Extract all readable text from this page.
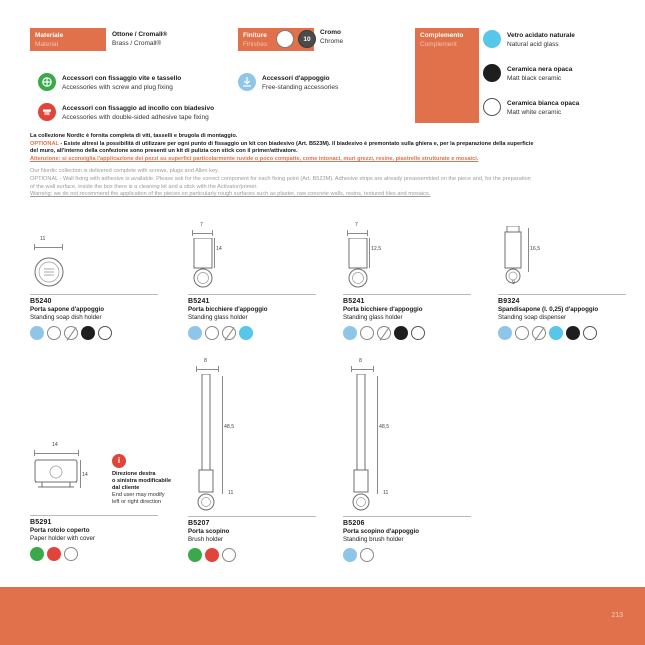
Materiale
Material
Ottone / Cromall®
Brass / Cromall®
Finiture
Finishes
10
Cromo
Chrome
Complemento
Complement
Vetro acidato naturale
Natural acid glass
Ceramica nera opaca
Matt black ceramic
Ceramica bianca opaca
Matt white ceramic
Accessori con fissaggio vite e tassello
Accessories with screw and plug fixing
Accessori con fissaggio ad incollo con biadesivo
Accessories with double-sided adhesive tape fixing
Accessori d'appoggio
Free-standing accessories

La collezione Nordic è fornita completa di viti, tasselli e brugola di montaggio.

OPTIONAL - Esiste altresì la possibilità di utilizzare per ogni punto di fissaggio un kit con biadesivo (Art. B523M). Il biadesivo è premontato sulla ghiera e, per la preparazione della superficie

del muro, all'interno della confezione sono presenti un kit di pulizia con stick con il primer/attivatore.

Attenzione: si sconsiglia l'applicazione dei pezzi su superfici particolarmente ruvide o poco compatte, come intonaci, muri grezzi, resine, piastrelle strutturate e mosaici.

Our Nordic collection is delivered complete with screws, plugs and Allen key.

OPTIONAL - Wall fixing with adhesive is available. Please ask for the correct component for each fixing point (Art. B523M). Adhesive strips are already preassembled on the piece and, for the preparation

of the wall surface, inside the box there is a cleaning kit and a stick with the Activator/primer.

Warning: we do not recommend the application of the pieces on particularly rough surfaces such as plaster, raw concrete walls, resins, textured tiles and mosaics.

11
B5240
Porta sapone d'appoggio
Standing soap dish holder
7
14
B5241
Porta bicchiere d'appoggio
Standing glass holder
7
12,5
B5241
Porta bicchiere d'appoggio
Standing glass holder
16,5
9
B9324
Spandisapone (l. 0,25) d'appoggio
Standing soap dispenser
14
14
i
Direzione destra
o sinistra modificabile
dal cliente
End user may modify
left or right direction
B5291
Porta rotolo coperto
Paper holder with cover
8
48,5
11
B5207
Porta scopino
Brush holder
8
48,5
11
B5206
Porta scopino d'appoggio
Standing brush holder
213
